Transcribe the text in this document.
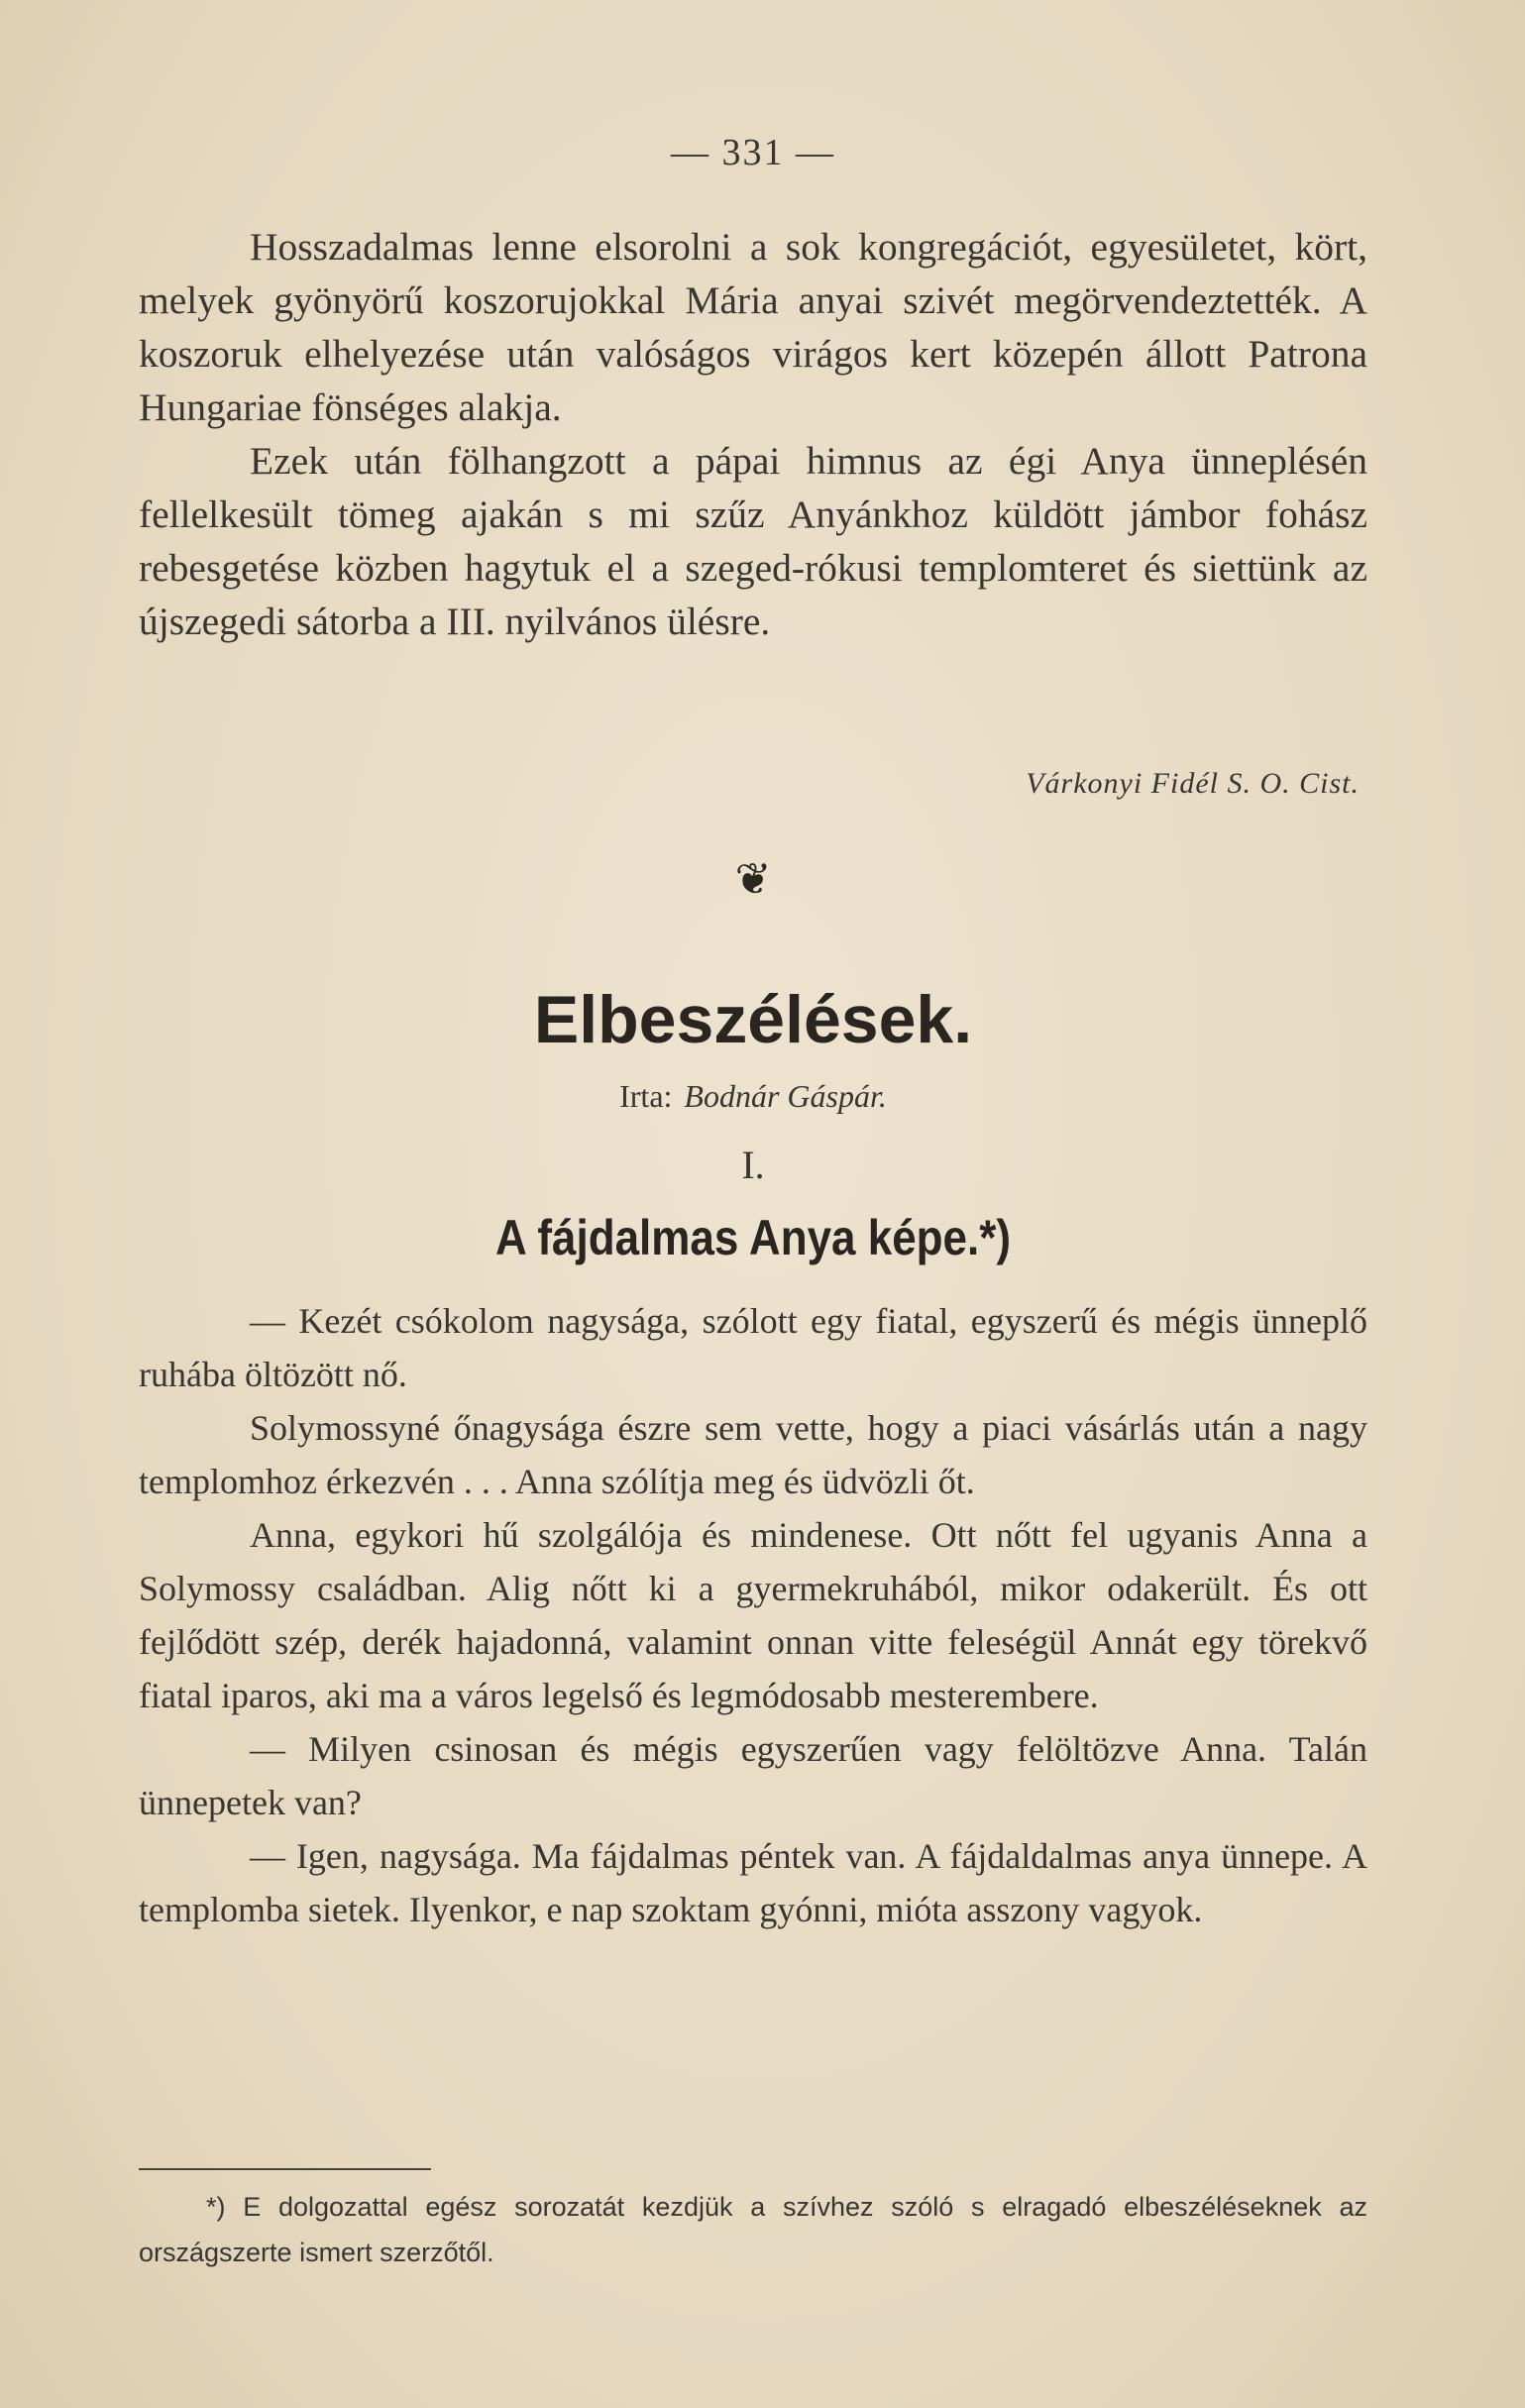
— 331 —

Hosszadalmas lenne elsorolni a sok kongregációt, egyesületet, kört, melyek gyönyörű koszorujokkal Mária anyai szivét megörvendeztették. A koszoruk elhelyezése után valóságos virágos kert közepén állott Patrona Hungariae fönséges alakja.

Ezek után fölhangzott a pápai himnus az égi Anya ünneplésén fellelkesült tömeg ajakán s mi szűz Anyánkhoz küldött jámbor fohász rebesgetése közben hagytuk el a szeged-rókusi templomteret és siettünk az újszegedi sátorba a III. nyilvános ülésre.

Várkonyi Fidél S. O. Cist.
❦
Elbeszélések.
Irta: Bodnár Gáspár.
I.
A fájdalmas Anya képe.*)

— Kezét csókolom nagysága, szólott egy fiatal, egyszerű és mégis ünneplő ruhába öltözött nő.

Solymossyné őnagysága észre sem vette, hogy a piaci vásárlás után a nagy templomhoz érkezvén . . . Anna szólítja meg és üdvözli őt.

Anna, egykori hű szolgálója és mindenese. Ott nőtt fel ugyanis Anna a Solymossy családban. Alig nőtt ki a gyermekruhából, mikor odakerült. És ott fejlődött szép, derék hajadonná, valamint onnan vitte feleségül Annát egy törekvő fiatal iparos, aki ma a város legelső és legmódosabb mesterembere.

— Milyen csinosan és mégis egyszerűen vagy felöltözve Anna. Talán ünnepetek van?

— Igen, nagysága. Ma fájdalmas péntek van. A fájdaldalmas anya ünnepe. A templomba sietek. Ilyenkor, e nap szoktam gyónni, mióta asszony vagyok.

*) E dolgozattal egész sorozatát kezdjük a szívhez szóló s elragadó elbeszéléseknek az országszerte ismert szerzőtől.
